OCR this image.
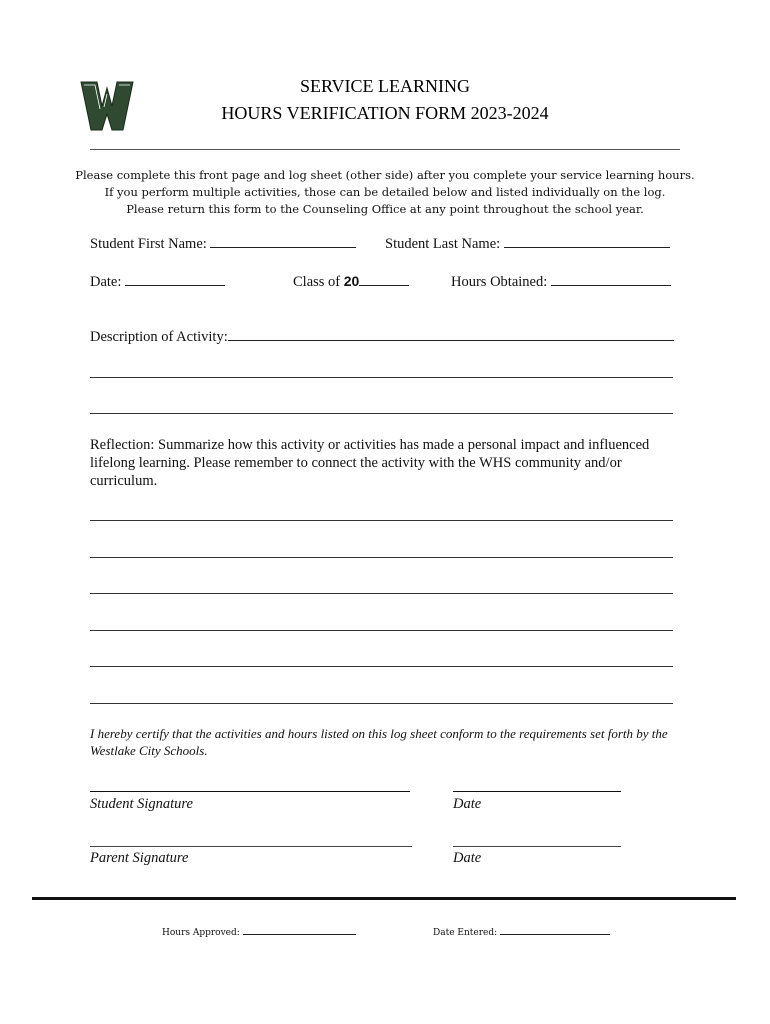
SERVICE LEARNING
HOURS VERIFICATION FORM 2023-2024
Please complete this front page and log sheet (other side) after you complete your service learning hours.
If you perform multiple activities, those can be detailed below and listed individually on the log.
Please return this form to the Counseling Office at any point throughout the school year.
Student First Name:	Student Last Name:
Date:	Class of 20	Hours Obtained:
Description of Activity:
Reflection: Summarize how this activity or activities has made a personal impact and influenced lifelong learning. Please remember to connect the activity with the WHS community and/or curriculum.
I hereby certify that the activities and hours listed on this log sheet conform to the requirements set forth by the Westlake City Schools.
Student Signature	Date
Parent Signature	Date
Hours Approved:	Date Entered:
